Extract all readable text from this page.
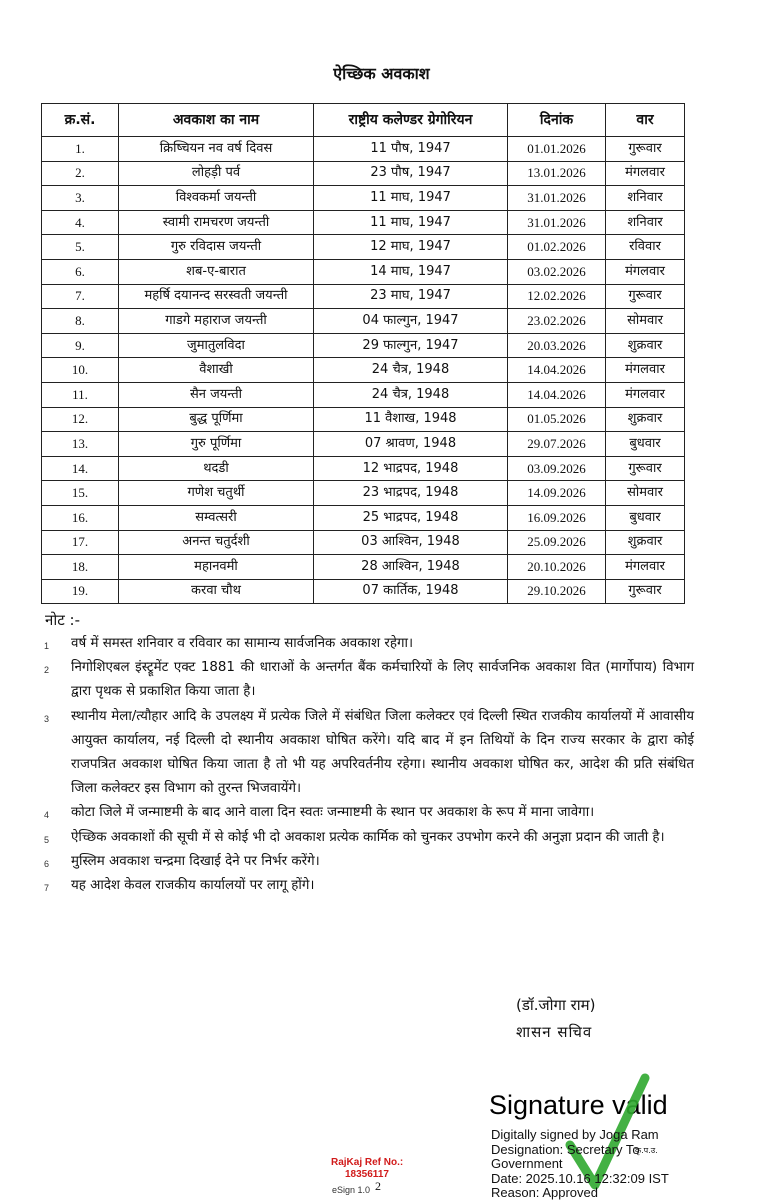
ऐच्छिक अवकाश
क्र.सं.	अवकाश का नाम	राष्ट्रीय कलेण्डर ग्रेगोरियन	दिनांक	वार
1.	क्रिष्चियन नव वर्ष दिवस	11 पौष, 1947	01.01.2026	गुरूवार
2.	लोहड़ी पर्व	23 पौष, 1947	13.01.2026	मंगलवार
3.	विश्वकर्मा जयन्ती	11 माघ, 1947	31.01.2026	शनिवार
4.	स्वामी रामचरण जयन्ती	11 माघ, 1947	31.01.2026	शनिवार
5.	गुरु रविदास जयन्ती	12 माघ, 1947	01.02.2026	रविवार
6.	शब-ए-बारात	14 माघ, 1947	03.02.2026	मंगलवार
7.	महर्षि दयानन्द सरस्वती जयन्ती	23 माघ, 1947	12.02.2026	गुरूवार
8.	गाडगे महाराज जयन्ती	04 फाल्गुन, 1947	23.02.2026	सोमवार
9.	जुमातुलविदा	29 फाल्गुन, 1947	20.03.2026	शुक्रवार
10.	वैशाखी	24 चैत्र, 1948	14.04.2026	मंगलवार
11.	सैन जयन्ती	24 चैत्र, 1948	14.04.2026	मंगलवार
12.	बुद्ध पूर्णिमा	11 वैशाख, 1948	01.05.2026	शुक्रवार
13.	गुरु पूर्णिमा	07 श्रावण, 1948	29.07.2026	बुधवार
14.	थदडी	12 भाद्रपद, 1948	03.09.2026	गुरूवार
15.	गणेश चतुर्थी	23 भाद्रपद, 1948	14.09.2026	सोमवार
16.	सम्वत्सरी	25 भाद्रपद, 1948	16.09.2026	बुधवार
17.	अनन्त चतुर्दशी	03 आश्विन, 1948	25.09.2026	शुक्रवार
18.	महानवमी	28 आश्विन, 1948	20.10.2026	मंगलवार
19.	करवा चौथ	07 कार्तिक, 1948	29.10.2026	गुरूवार
नोट :-
1 वर्ष में समस्त शनिवार व रविवार का सामान्य सार्वजनिक अवकाश रहेगा।
2 निगोशिएबल इंस्ट्रूमेंट एक्ट 1881 की धाराओं के अन्तर्गत बैंक कर्मचारियों के लिए सार्वजनिक अवकाश वित (मार्गोपाय) विभाग द्वारा पृथक से प्रकाशित किया जाता है।
3 स्थानीय मेला/त्यौहार आदि के उपलक्ष्य में प्रत्येक जिले में संबंधित जिला कलेक्टर एवं दिल्ली स्थित राजकीय कार्यालयों में आवासीय आयुक्त कार्यालय, नई दिल्ली दो स्थानीय अवकाश घोषित करेंगे। यदि बाद में इन तिथियों के दिन राज्य सरकार के द्वारा कोई राजपत्रित अवकाश घोषित किया जाता है तो भी यह अपरिवर्तनीय रहेगा। स्थानीय अवकाश घोषित कर, आदेश की प्रति संबंधित जिला कलेक्टर इस विभाग को तुरन्त भिजवायेंगे।
4 कोटा जिले में जन्माष्टमी के बाद आने वाला दिन स्वतः जन्माष्टमी के स्थान पर अवकाश के रूप में माना जावेगा।
5 ऐच्छिक अवकाशों की सूची में से कोई भी दो अवकाश प्रत्येक कार्मिक को चुनकर उपभोग करने की अनुज्ञा प्रदान की जाती है।
6 मुस्लिम अवकाश चन्द्रमा दिखाई देने पर निर्भर करेंगे।
7 यह आदेश केवल राजकीय कार्यालयों पर लागू होंगे।
(डॉ.जोगा राम)
शासन सचिव
Signature valid
Digitally signed by Joga Ram
Designation: Secretary To
Government
Date: 2025.10.16 12:32:09 IST
Reason: Approved
कृ.प.उ.
RajKaj Ref No.:
18356117
eSign 1.0 2
